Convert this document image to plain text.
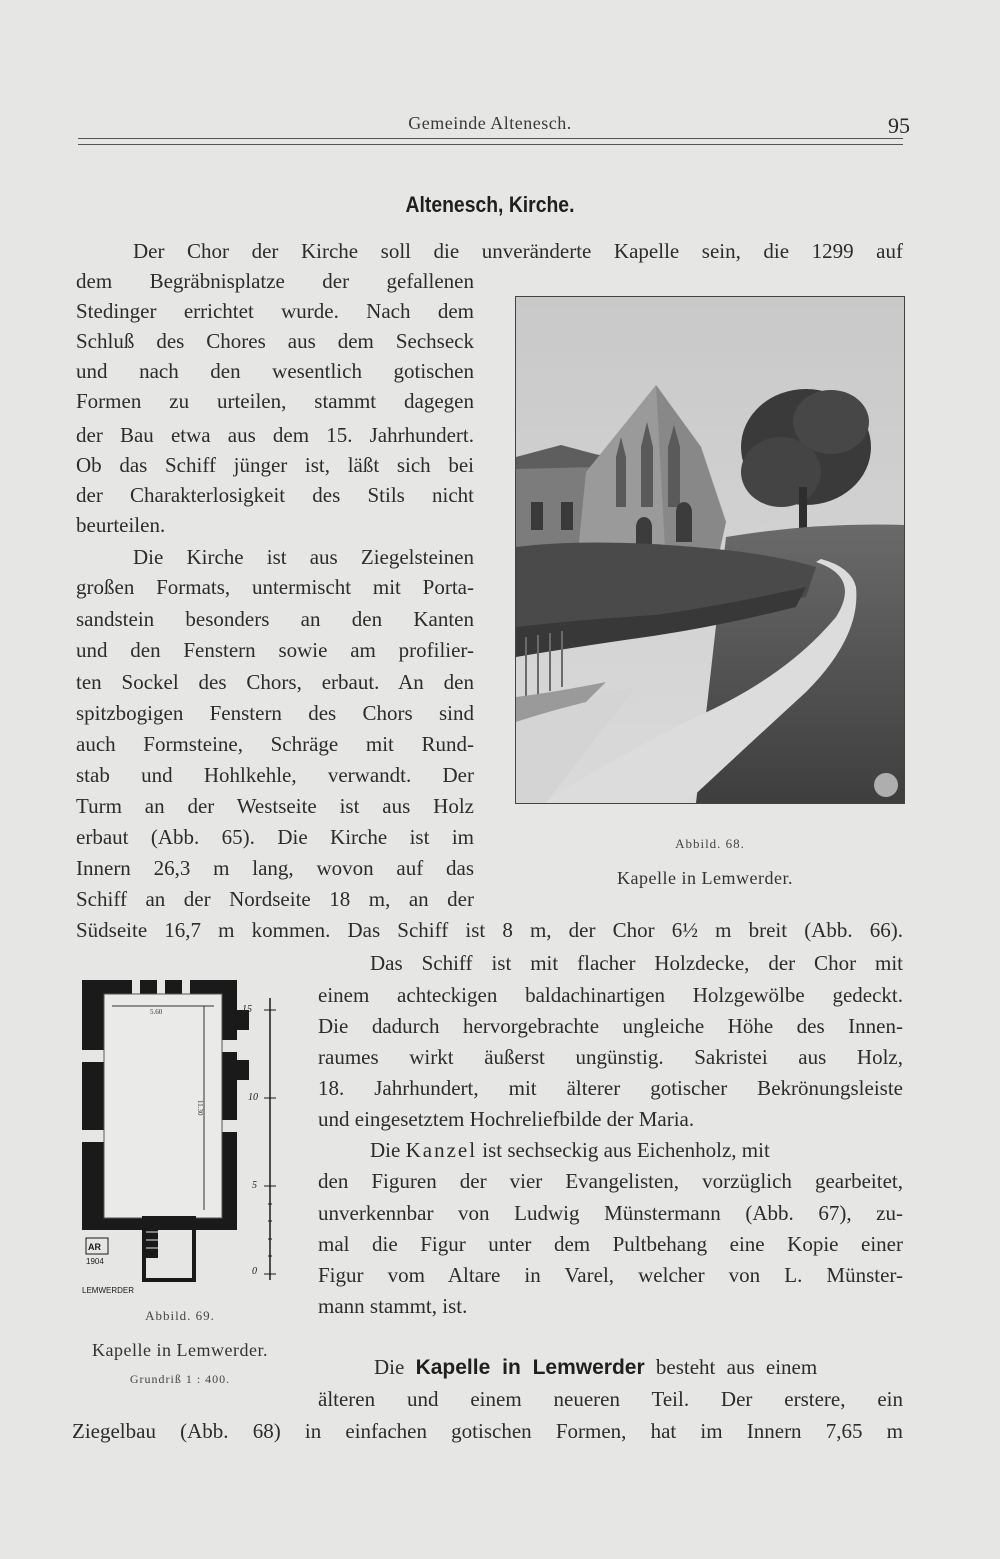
Gemeinde Altenesch.	95
Altenesch, Kirche.
Der Chor der Kirche soll die unveränderte Kapelle sein, die 1299 auf
dem Begräbnisplatze der gefallenen
Stedinger errichtet wurde. Nach dem
Schluß des Chores aus dem Sechseck
und nach den wesentlich gotischen
Formen zu urteilen, stammt dagegen
der Bau etwa aus dem 15. Jahrhundert.
Ob das Schiff jünger ist, läßt sich bei
der Charakterlosigkeit des Stils nicht
beurteilen.
Die Kirche ist aus Ziegelsteinen
großen Formats, untermischt mit Porta-
sandstein besonders an den Kanten
und den Fenstern sowie am profilier-
ten Sockel des Chors, erbaut. An den
spitzbogigen Fenstern des Chors sind
auch Formsteine, Schräge mit Rund-
stab und Hohlkehle, verwandt. Der
Turm an der Westseite ist aus Holz
erbaut (Abb. 65). Die Kirche ist im
Innern 26,3 m lang, wovon auf das
Schiff an der Nordseite 18 m, an der
Südseite 16,7 m kommen. Das Schiff ist 8 m, der Chor 6½ m breit (Abb. 66).
Das Schiff ist mit flacher Holzdecke, der Chor mit
einem achteckigen baldachinartigen Holzgewölbe gedeckt.
Die dadurch hervorgebrachte ungleiche Höhe des Innen-
raumes wirkt äußerst ungünstig. Sakristei aus Holz,
18. Jahrhundert, mit älterer gotischer Bekrönungsleiste
und eingesetztem Hochreliefbilde der Maria.
Die Kanzel ist sechseckig aus Eichenholz, mit
den Figuren der vier Evangelisten, vorzüglich gearbeitet,
unverkennbar von Ludwig Münstermann (Abb. 67), zu-
mal die Figur unter dem Pultbehang eine Kopie einer
Figur vom Altare in Varel, welcher von L. Münster-
mann stammt, ist.
Die Kapelle in Lemwerder besteht aus einem
älteren und einem neueren Teil. Der erstere, ein
Ziegelbau (Abb. 68) in einfachen gotischen Formen, hat im Innern 7,65 m
Abbild. 68.
Kapelle in Lemwerder.
5.60
11.30
15
10
5
0
AR
1904
LEMWERDER
Abbild. 69.
Kapelle in Lemwerder.
Grundriß 1 : 400.
